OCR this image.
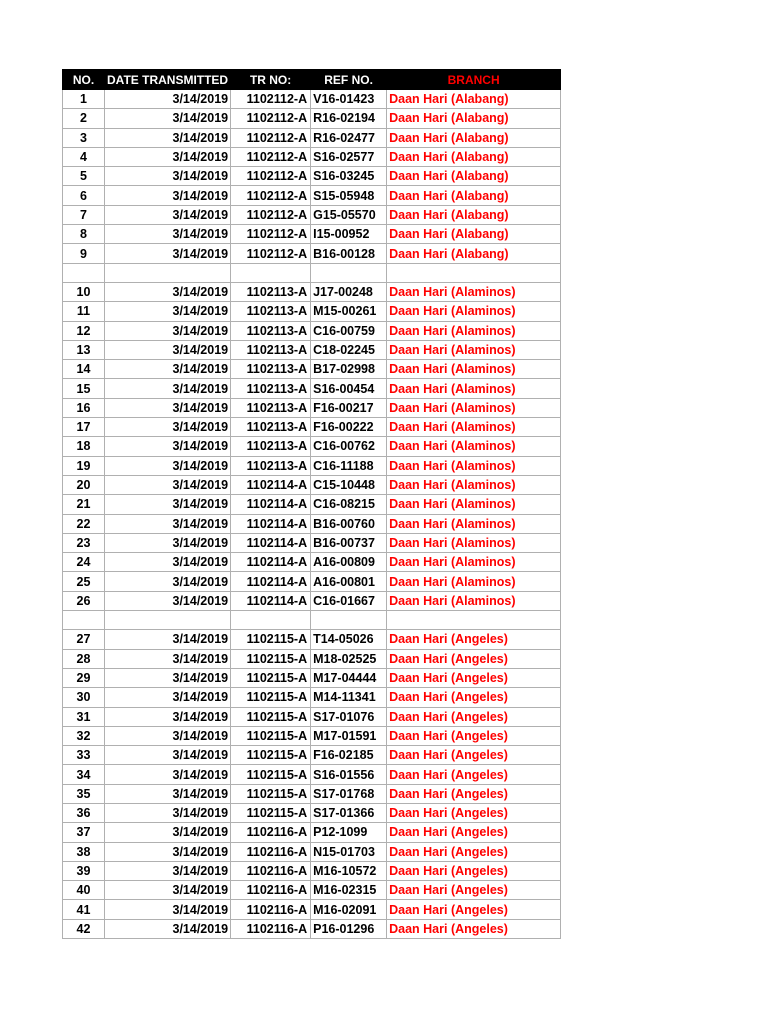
NO.	DATE TRANSMITTED	TR NO:	REF NO.	BRANCH
1	3/14/2019	1102112-A	V16-01423	Daan Hari (Alabang)
2	3/14/2019	1102112-A	R16-02194	Daan Hari (Alabang)
3	3/14/2019	1102112-A	R16-02477	Daan Hari (Alabang)
4	3/14/2019	1102112-A	S16-02577	Daan Hari (Alabang)
5	3/14/2019	1102112-A	S16-03245	Daan Hari (Alabang)
6	3/14/2019	1102112-A	S15-05948	Daan Hari (Alabang)
7	3/14/2019	1102112-A	G15-05570	Daan Hari (Alabang)
8	3/14/2019	1102112-A	I15-00952	Daan Hari (Alabang)
9	3/14/2019	1102112-A	B16-00128	Daan Hari (Alabang)

10	3/14/2019	1102113-A	J17-00248	Daan Hari (Alaminos)
11	3/14/2019	1102113-A	M15-00261	Daan Hari (Alaminos)
12	3/14/2019	1102113-A	C16-00759	Daan Hari (Alaminos)
13	3/14/2019	1102113-A	C18-02245	Daan Hari (Alaminos)
14	3/14/2019	1102113-A	B17-02998	Daan Hari (Alaminos)
15	3/14/2019	1102113-A	S16-00454	Daan Hari (Alaminos)
16	3/14/2019	1102113-A	F16-00217	Daan Hari (Alaminos)
17	3/14/2019	1102113-A	F16-00222	Daan Hari (Alaminos)
18	3/14/2019	1102113-A	C16-00762	Daan Hari (Alaminos)
19	3/14/2019	1102113-A	C16-11188	Daan Hari (Alaminos)
20	3/14/2019	1102114-A	C15-10448	Daan Hari (Alaminos)
21	3/14/2019	1102114-A	C16-08215	Daan Hari (Alaminos)
22	3/14/2019	1102114-A	B16-00760	Daan Hari (Alaminos)
23	3/14/2019	1102114-A	B16-00737	Daan Hari (Alaminos)
24	3/14/2019	1102114-A	A16-00809	Daan Hari (Alaminos)
25	3/14/2019	1102114-A	A16-00801	Daan Hari (Alaminos)
26	3/14/2019	1102114-A	C16-01667	Daan Hari (Alaminos)

27	3/14/2019	1102115-A	T14-05026	Daan Hari (Angeles)
28	3/14/2019	1102115-A	M18-02525	Daan Hari (Angeles)
29	3/14/2019	1102115-A	M17-04444	Daan Hari (Angeles)
30	3/14/2019	1102115-A	M14-11341	Daan Hari (Angeles)
31	3/14/2019	1102115-A	S17-01076	Daan Hari (Angeles)
32	3/14/2019	1102115-A	M17-01591	Daan Hari (Angeles)
33	3/14/2019	1102115-A	F16-02185	Daan Hari (Angeles)
34	3/14/2019	1102115-A	S16-01556	Daan Hari (Angeles)
35	3/14/2019	1102115-A	S17-01768	Daan Hari (Angeles)
36	3/14/2019	1102115-A	S17-01366	Daan Hari (Angeles)
37	3/14/2019	1102116-A	P12-1099	Daan Hari (Angeles)
38	3/14/2019	1102116-A	N15-01703	Daan Hari (Angeles)
39	3/14/2019	1102116-A	M16-10572	Daan Hari (Angeles)
40	3/14/2019	1102116-A	M16-02315	Daan Hari (Angeles)
41	3/14/2019	1102116-A	M16-02091	Daan Hari (Angeles)
42	3/14/2019	1102116-A	P16-01296	Daan Hari (Angeles)
